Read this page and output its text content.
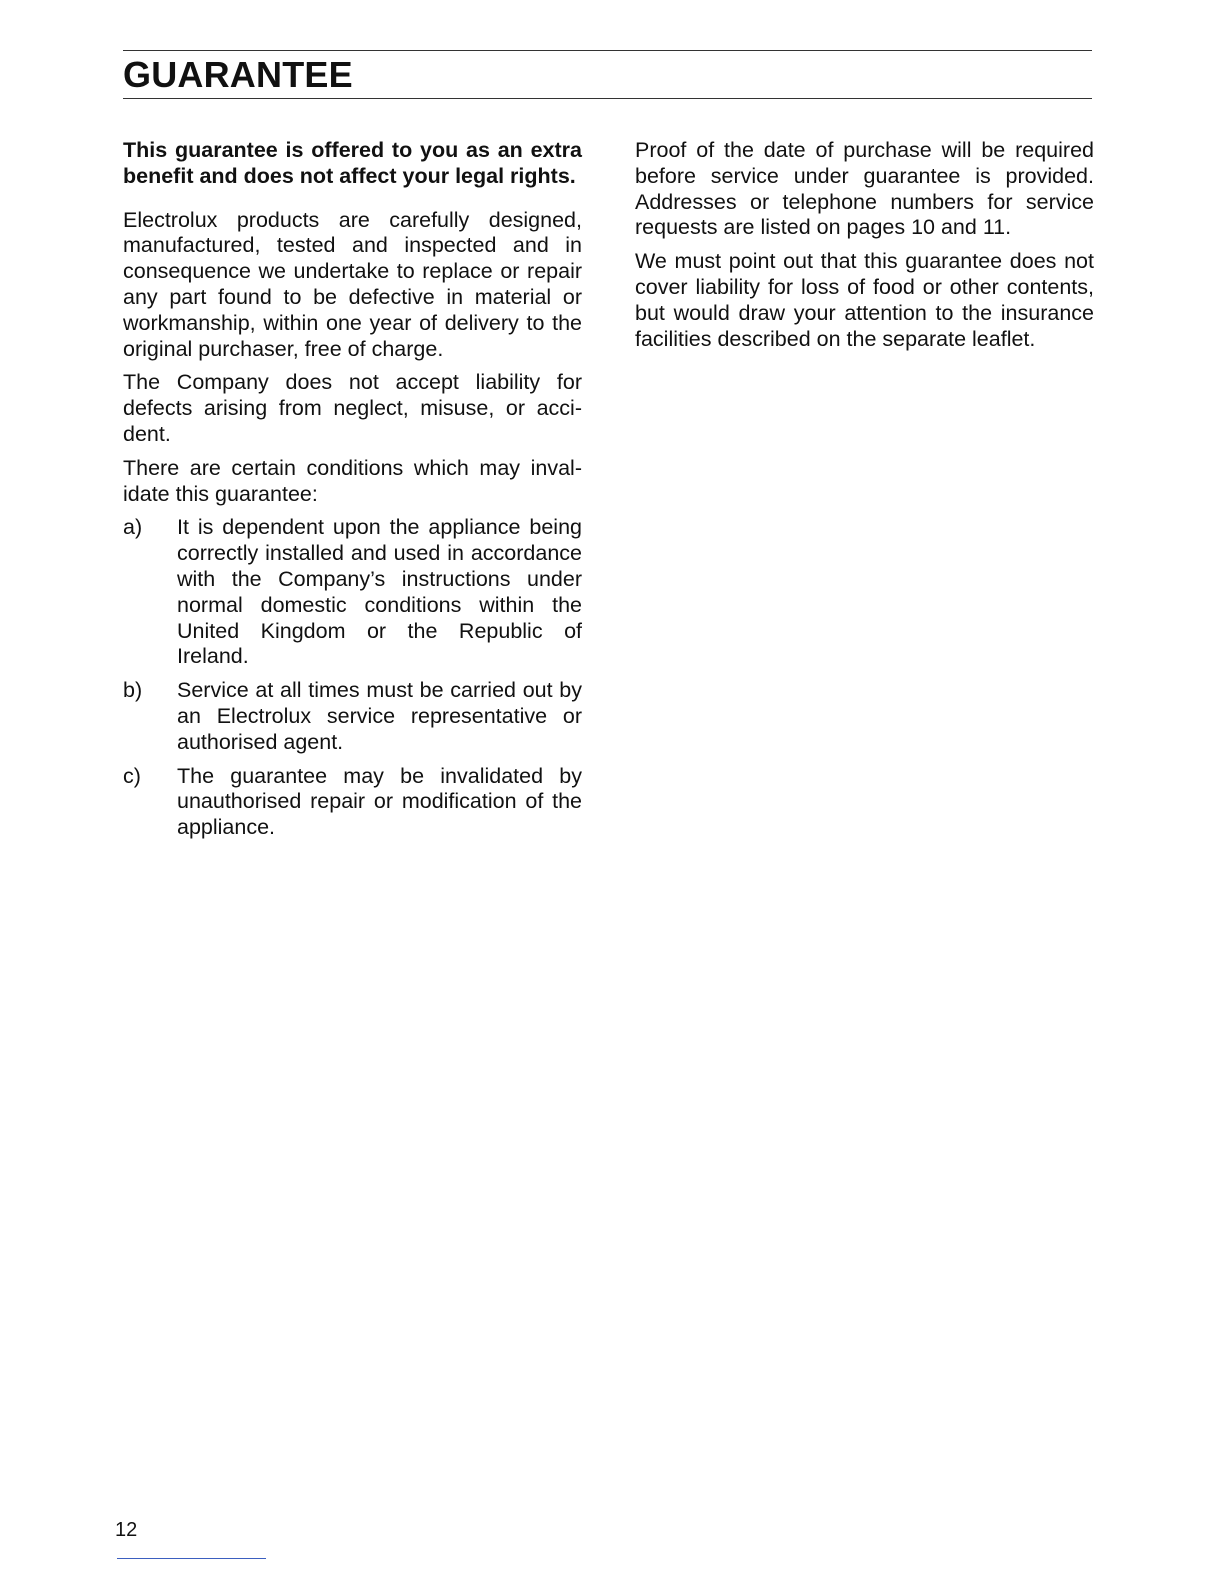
GUARANTEE

This guarantee is offered to you as an extra benefit and does not affect your legal rights.

Electrolux products are carefully designed, manufactured, tested and inspected and in consequence we undertake to replace or repair any part found to be defective in material or workmanship, within one year of delivery to the original purchaser, free of charge.

The Company does not accept liability for defects arising from neglect, misuse, or accident.

There are certain conditions which may invalidate this guarantee:

a)	It is dependent upon the appliance being correctly installed and used in accordance with the Company’s instructions under normal domestic conditions within the United Kingdom or the Republic of Ireland.
b)	Service at all times must be carried out by an Electrolux service representative or authorised agent.
c)	The guarantee may be invalidated by unauthorised repair or modification of the appliance.

Proof of the date of purchase will be required before service under guarantee is provided. Addresses or telephone numbers for service requests are listed on pages 10 and 11.

We must point out that this guarantee does not cover liability for loss of food or other contents, but would draw your attention to the insurance facilities described on the separate leaflet.

12
